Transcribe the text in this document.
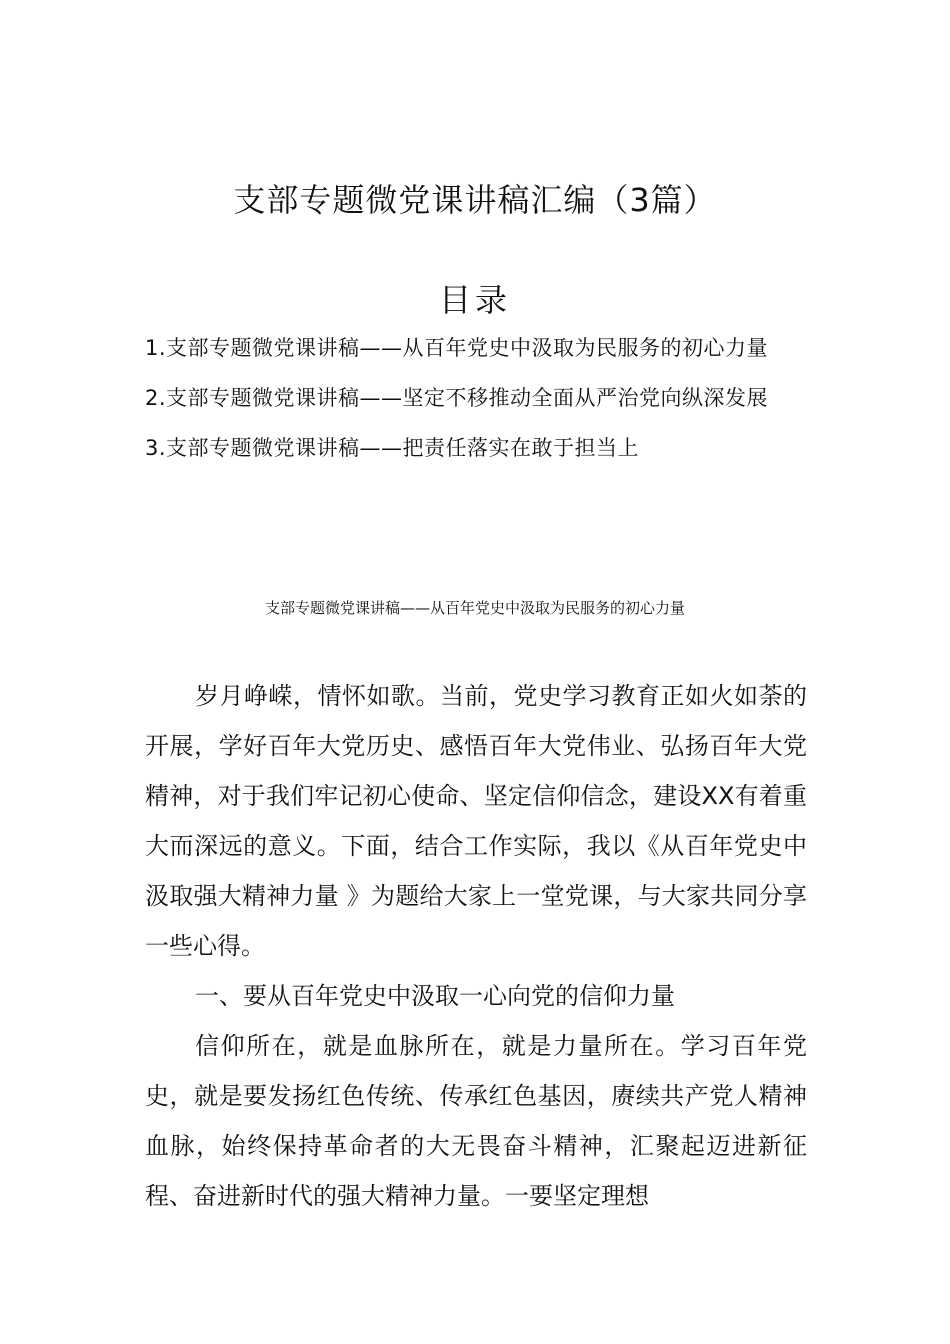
支部专题微党课讲稿汇编（3篇）
目录
1.支部专题微党课讲稿——从百年党史中汲取为民服务的初心力量
2.支部专题微党课讲稿——坚定不移推动全面从严治党向纵深发展
3.支部专题微党课讲稿——把责任落实在敢于担当上
支部专题微党课讲稿——从百年党史中汲取为民服务的初心力量

岁月峥嵘，情怀如歌。当前，党史学习教育正如火如荼的开展，学好百年大党历史、感悟百年大党伟业、弘扬百年大党精神，对于我们牢记初心使命、坚定信仰信念，建设XX有着重大而深远的意义。下面，结合工作实际，我以《从百年党史中汲取强大精神力量 》为题给大家上一堂党课，与大家共同分享一些心得。

一、要从百年党史中汲取一心向党的信仰力量

信仰所在，就是血脉所在，就是力量所在。学习百年党史，就是要发扬红色传统、传承红色基因，赓续共产党人精神血脉，始终保持革命者的大无畏奋斗精神，汇聚起迈进新征程、奋进新时代的强大精神力量。一要坚定理想
